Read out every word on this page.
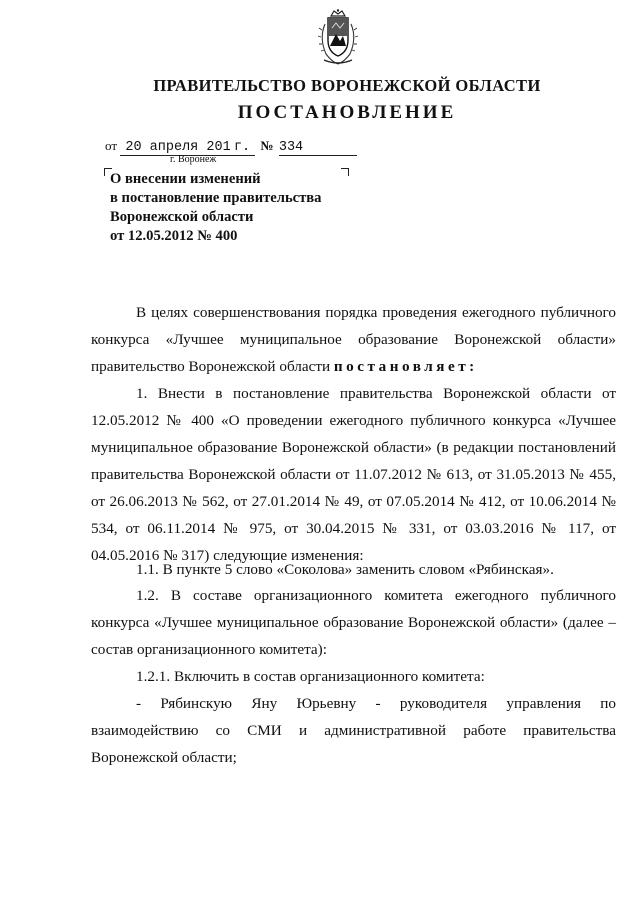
ПРАВИТЕЛЬСТВО ВОРОНЕЖСКОЙ ОБЛАСТИ
ПОСТАНОВЛЕНИЕ
от 20 апреля 201 г. № 334
г. Воронеж
О внесении изменений
в постановление правительства
Воронежской области
от 12.05.2012 № 400
В целях совершенствования порядка проведения ежегодного публичного
конкурса «Лучшее муниципальное образование Воронежской области»
правительство Воронежской области постановляет:
1. Внести в постановление правительства Воронежской области от 12.05.2012 № 400 «О проведении ежегодного публичного конкурса «Лучшее муниципальное образование Воронежской области» (в редакции постановлений правительства Воронежской области от 11.07.2012 № 613, от 31.05.2013 № 455, от 26.06.2013 № 562, от 27.01.2014 № 49, от 07.05.2014 № 412, от 10.06.2014 № 534, от 06.11.2014 № 975, от 30.04.2015 № 331, от 03.03.2016 № 117, от 04.05.2016 № 317) следующие изменения:
1.1. В пункте 5 слово «Соколова» заменить словом «Рябинская».
1.2. В составе организационного комитета ежегодного публичного конкурса «Лучшее муниципальное образование Воронежской области» (далее – состав организационного комитета):
1.2.1. Включить в состав организационного комитета:
- Рябинскую Яну Юрьевну - руководителя управления по взаимодействию со СМИ и административной работе правительства Воронежской области;
